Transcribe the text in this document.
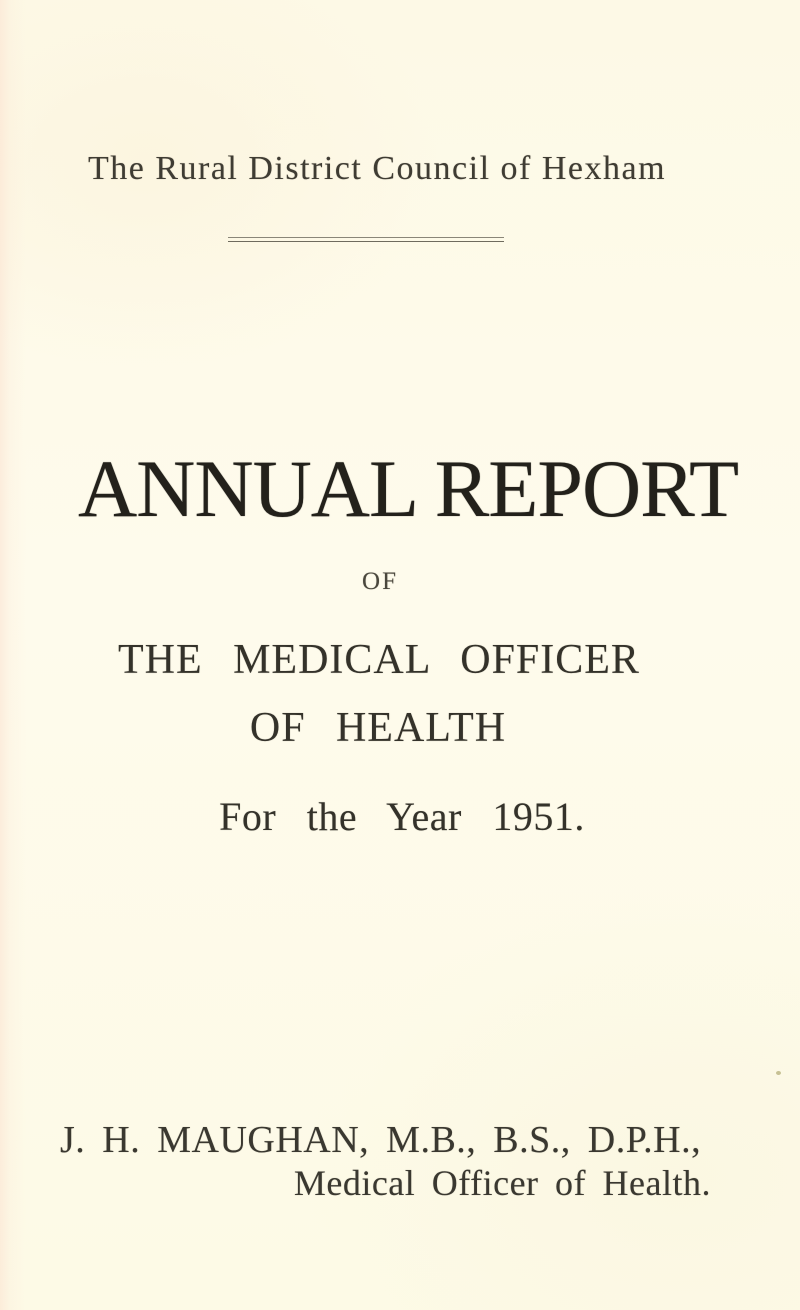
The Rural District Council of Hexham
ANNUAL REPORT
OF
THE MEDICAL OFFICER
OF HEALTH
For the Year 1951.
J. H. MAUGHAN, M.B., B.S., D.P.H.,
Medical Officer of Health.
